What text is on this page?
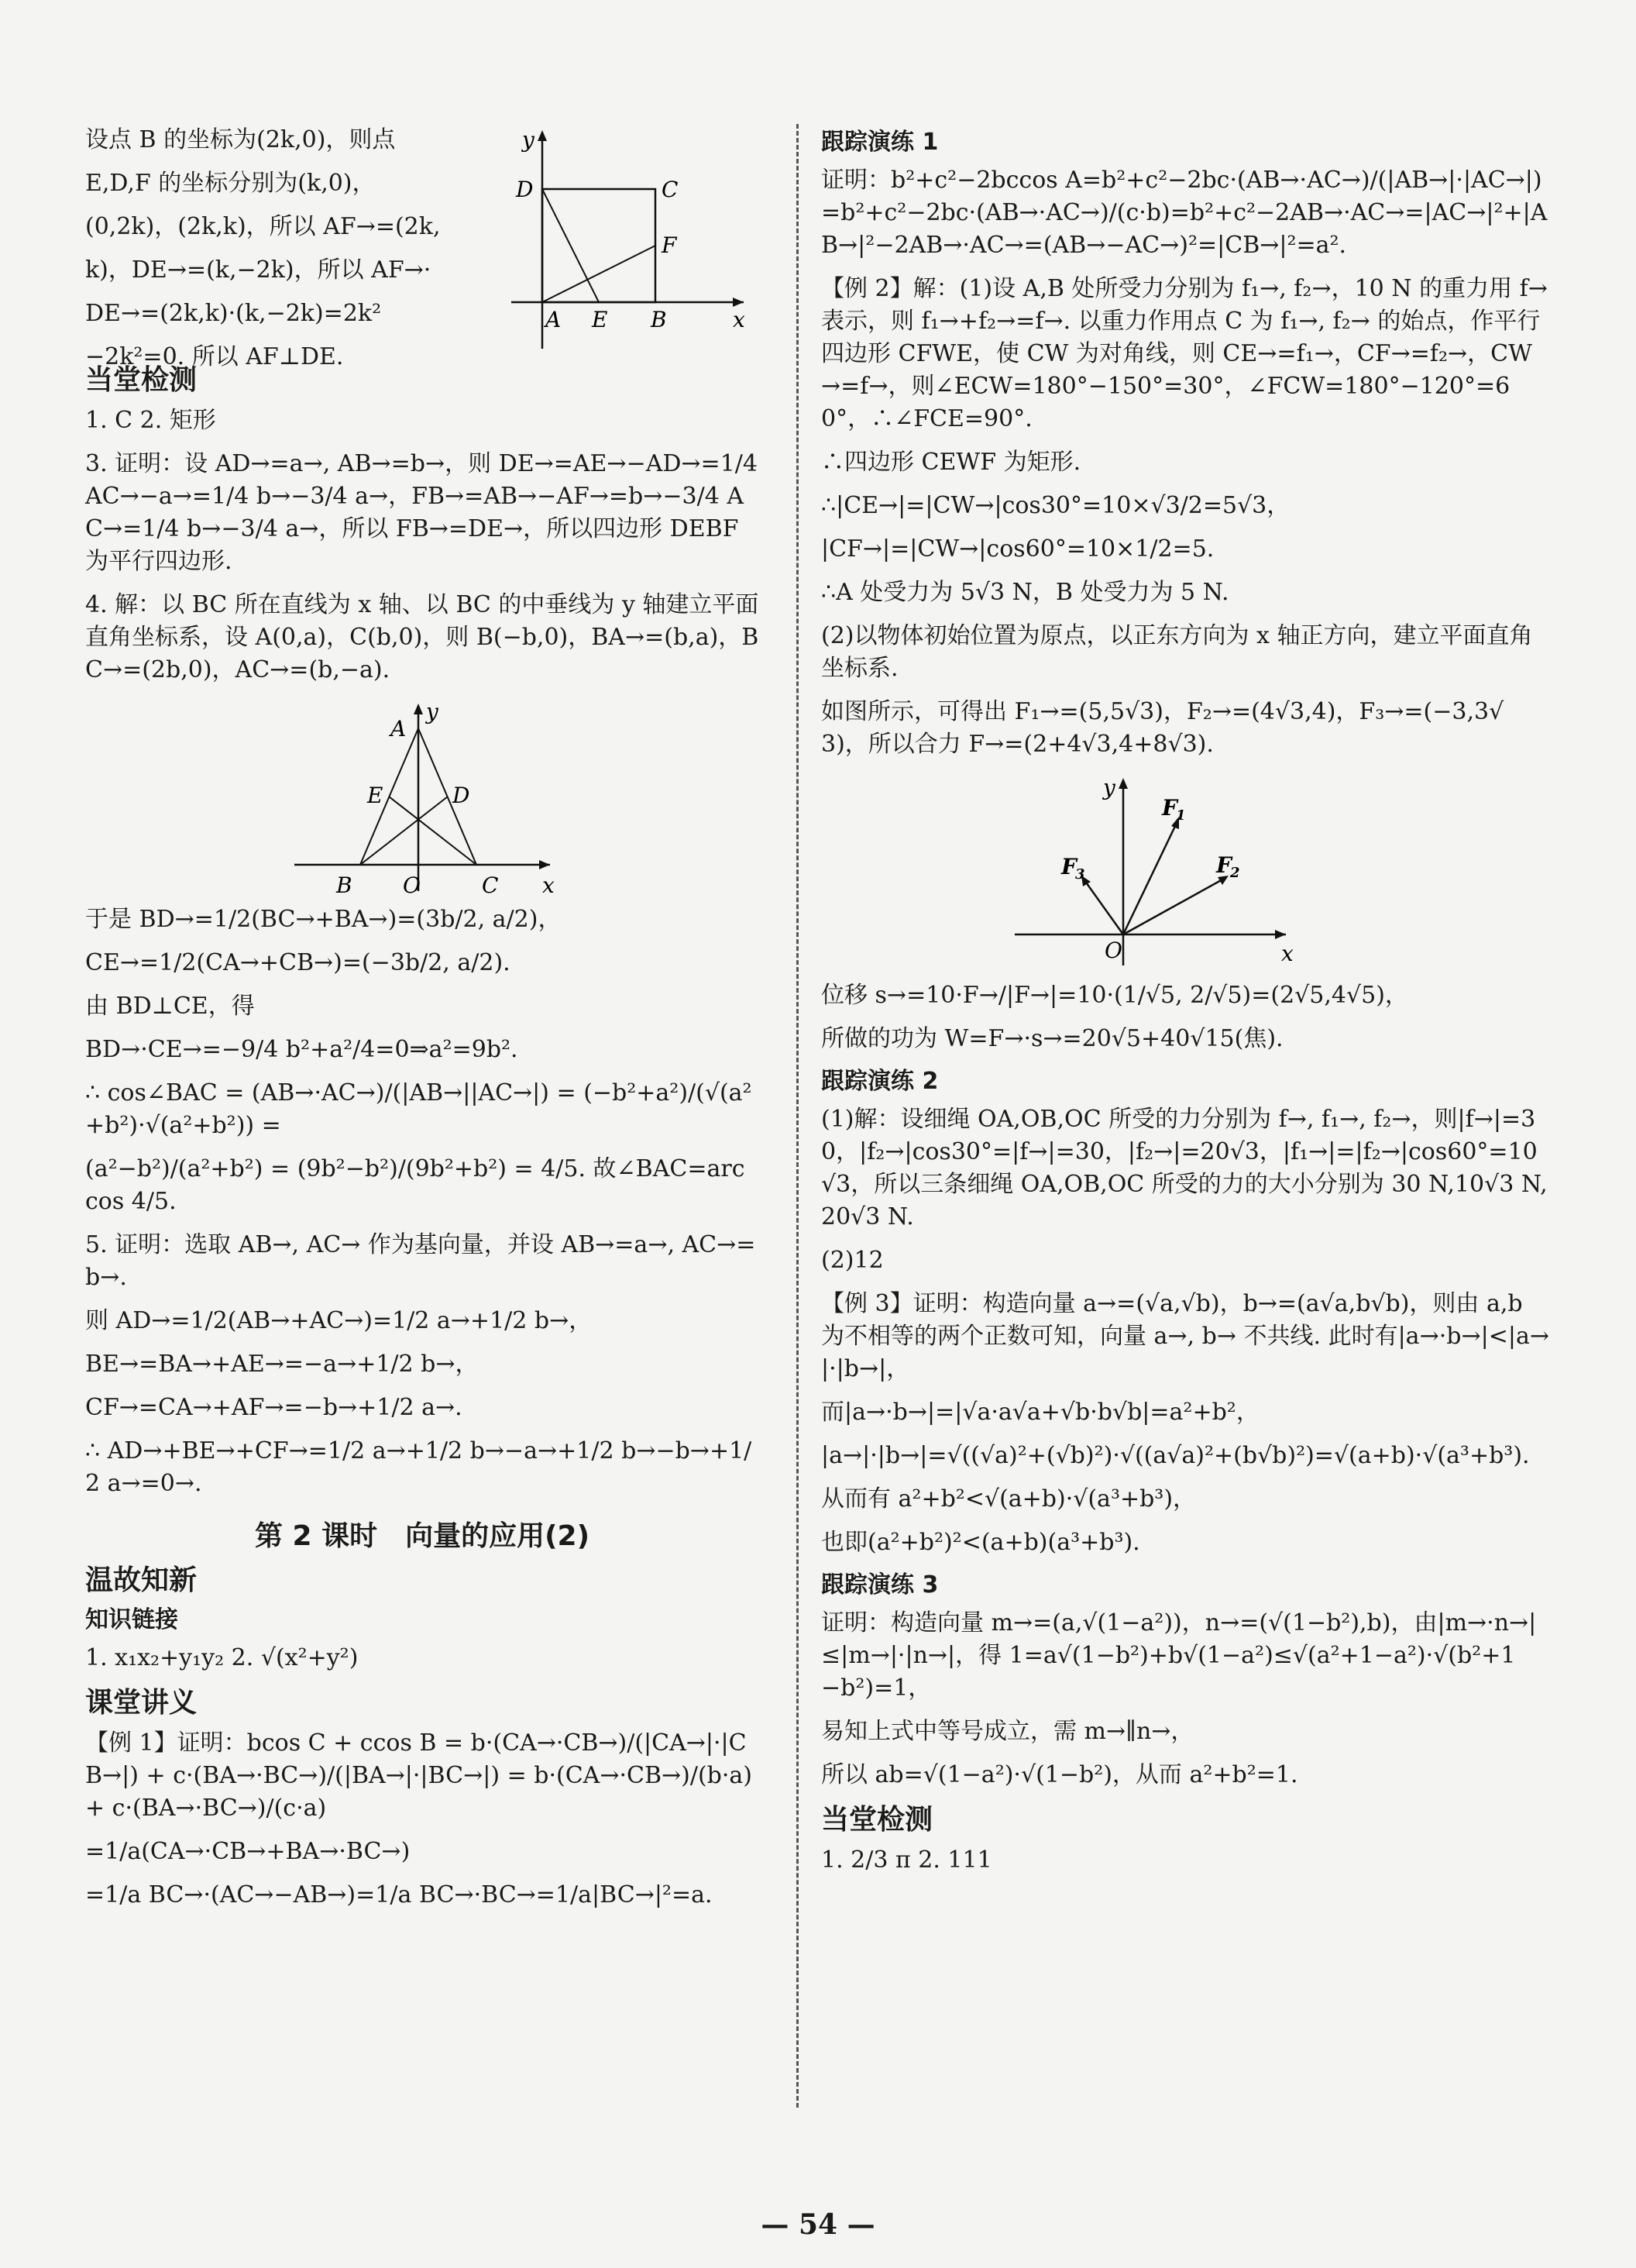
设点 B 的坐标为(2k,0)，则点

E,D,F 的坐标分别为(k,0)，

(0,2k)，(2k,k)，所以 AF→=(2k,

k)，DE→=(k,−2k)，所以 AF→·

DE→=(2k,k)·(k,−2k)=2k²

−2k²=0. 所以 AF⊥DE.

y
x
D	C
F
A E B
当堂检测

1. C 2. 矩形

3. 证明：设 AD→=a→, AB→=b→，则 DE→=AE→−AD→=1/4 AC→−a→=1/4 b→−3/4 a→，FB→=AB→−AF→=b→−3/4 AC→=1/4 b→−3/4 a→，所以 FB→=DE→，所以四边形 DEBF 为平行四边形.

4. 解：以 BC 所在直线为 x 轴、以 BC 的中垂线为 y 轴建立平面直角坐标系，设 A(0,a)，C(b,0)，则 B(−b,0)，BA→=(b,a)，BC→=(2b,0)，AC→=(b,−a).

y
A
E	D
B O	C x

于是 BD→=1/2(BC→+BA→)=(3b/2, a/2)，

CE→=1/2(CA→+CB→)=(−3b/2, a/2).

由 BD⊥CE，得

BD→·CE→=−9/4 b²+a²/4=0⇒a²=9b².

∴ cos∠BAC = (AB→·AC→)/(|AB→||AC→|) = (−b²+a²)/(√(a²+b²)·√(a²+b²)) =

(a²−b²)/(a²+b²) = (9b²−b²)/(9b²+b²) = 4/5. 故∠BAC=arc cos 4/5.

5. 证明：选取 AB→, AC→ 作为基向量，并设 AB→=a→, AC→=b→.

则 AD→=1/2(AB→+AC→)=1/2 a→+1/2 b→，

BE→=BA→+AE→=−a→+1/2 b→，

CF→=CA→+AF→=−b→+1/2 a→.

∴ AD→+BE→+CF→=1/2 a→+1/2 b→−a→+1/2 b→−b→+1/2 a→=0→.

第 2 课时　向量的应用(2)
温故知新
知识链接

1. x₁x₂+y₁y₂ 2. √(x²+y²)

课堂讲义

【例 1】证明：bcos C + ccos B = b·(CA→·CB→)/(|CA→|·|CB→|) + c·(BA→·BC→)/(|BA→|·|BC→|) = b·(CA→·CB→)/(b·a) + c·(BA→·BC→)/(c·a)

=1/a(CA→·CB→+BA→·BC→)

=1/a BC→·(AC→−AB→)=1/a BC→·BC→=1/a|BC→|²=a.

跟踪演练 1

证明：b²+c²−2bccos A=b²+c²−2bc·(AB→·AC→)/(|AB→|·|AC→|)=b²+c²−2bc·(AB→·AC→)/(c·b)=b²+c²−2AB→·AC→=|AC→|²+|AB→|²−2AB→·AC→=(AB→−AC→)²=|CB→|²=a².

【例 2】解：(1)设 A,B 处所受力分别为 f₁→, f₂→，10 N 的重力用 f→ 表示，则 f₁→+f₂→=f→. 以重力作用点 C 为 f₁→, f₂→ 的始点，作平行四边形 CFWE，使 CW 为对角线，则 CE→=f₁→，CF→=f₂→，CW→=f→，则∠ECW=180°−150°=30°，∠FCW=180°−120°=60°，∴∠FCE=90°.

∴四边形 CEWF 为矩形.

∴|CE→|=|CW→|cos30°=10×√3/2=5√3，

|CF→|=|CW→|cos60°=10×1/2=5.

∴A 处受力为 5√3 N，B 处受力为 5 N.

(2)以物体初始位置为原点，以正东方向为 x 轴正方向，建立平面直角坐标系.

如图所示，可得出 F₁→=(5,5√3)，F₂→=(4√3,4)，F₃→=(−3,3√3)，所以合力 F→=(2+4√3,4+8√3).

y
F
1
F
2
F
3
O	x

位移 s→=10·F→/|F→|=10·(1/√5, 2/√5)=(2√5,4√5)，

所做的功为 W=F→·s→=20√5+40√15(焦).

跟踪演练 2

(1)解：设细绳 OA,OB,OC 所受的力分别为 f→, f₁→, f₂→，则|f→|=30，|f₂→|cos30°=|f→|=30，|f₂→|=20√3，|f₁→|=|f₂→|cos60°=10√3，所以三条细绳 OA,OB,OC 所受的力的大小分别为 30 N,10√3 N,20√3 N.

(2)12

【例 3】证明：构造向量 a→=(√a,√b)，b→=(a√a,b√b)，则由 a,b 为不相等的两个正数可知，向量 a→, b→ 不共线. 此时有|a→·b→|<|a→|·|b→|，

而|a→·b→|=|√a·a√a+√b·b√b|=a²+b²，

|a→|·|b→|=√((√a)²+(√b)²)·√((a√a)²+(b√b)²)=√(a+b)·√(a³+b³).

从而有 a²+b²<√(a+b)·√(a³+b³)，

也即(a²+b²)²<(a+b)(a³+b³).

跟踪演练 3

证明：构造向量 m→=(a,√(1−a²))，n→=(√(1−b²),b)，由|m→·n→|≤|m→|·|n→|，得 1=a√(1−b²)+b√(1−a²)≤√(a²+1−a²)·√(b²+1−b²)=1，

易知上式中等号成立，需 m→∥n→，

所以 ab=√(1−a²)·√(1−b²)，从而 a²+b²=1.

当堂检测

1. 2/3 π 2. 111

— 54 —
